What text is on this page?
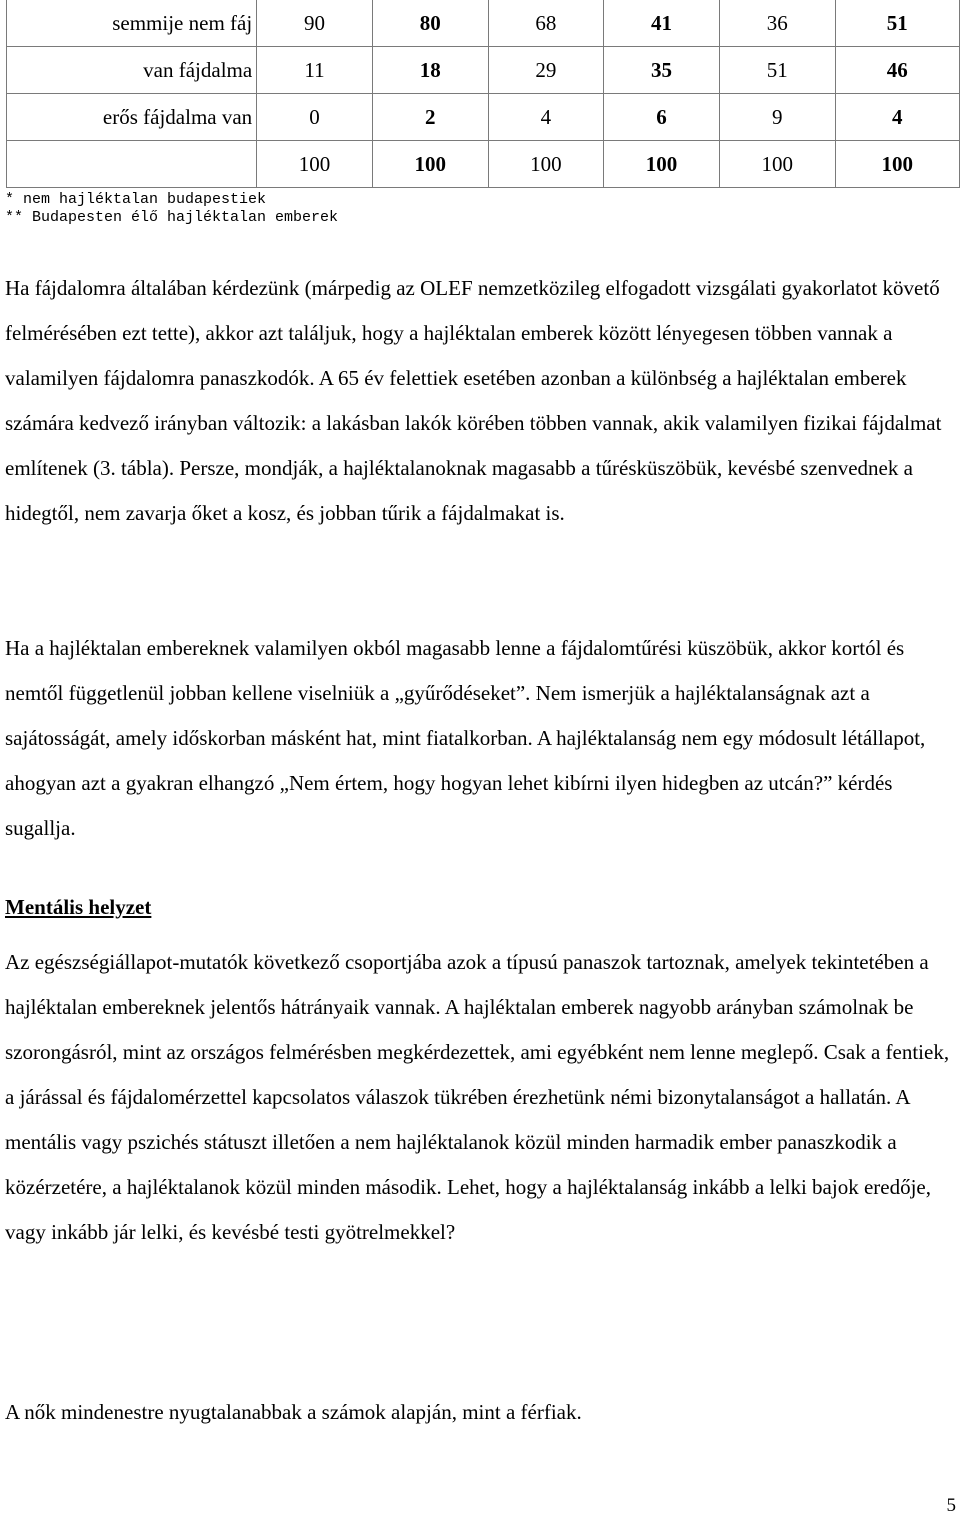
semmije nem fáj	90	80	68	41	36	51
van fájdalma	11	18	29	35	51	46
erős fájdalma van	0	2	4	6	9	4
	100	100	100	100	100	100
* nem hajléktalan budapestiek
** Budapesten élő hajléktalan emberek
Ha fájdalomra általában kérdezünk (márpedig az OLEF nemzetközileg elfogadott vizsgálati gyakorlatot követő felmérésében ezt tette), akkor azt találjuk, hogy a hajléktalan emberek között lényegesen többen vannak a valamilyen fájdalomra panaszkodók. A 65 év felettiek esetében azonban a különbség a hajléktalan emberek számára kedvező irányban változik: a lakásban lakók körében többen vannak, akik valamilyen fizikai fájdalmat említenek (3. tábla). Persze, mondják, a hajléktalanoknak magasabb a tűrésküszöbük, kevésbé szenvednek a hidegtől, nem zavarja őket a kosz, és jobban tűrik a fájdalmakat is.
Ha a hajléktalan embereknek valamilyen okból magasabb lenne a fájdalomtűrési küszöbük, akkor kortól és nemtől függetlenül jobban kellene viselniük a „gyűrődéseket”. Nem ismerjük a hajléktalanságnak azt a sajátosságát, amely időskorban másként hat, mint fiatalkorban. A hajléktalanság nem egy módosult létállapot, ahogyan azt a gyakran elhangzó „Nem értem, hogy hogyan lehet kibírni ilyen hidegben az utcán?” kérdés sugallja.
Mentális helyzet
Az egészségiállapot-mutatók következő csoportjába azok a típusú panaszok tartoznak, amelyek tekintetében a hajléktalan embereknek jelentős hátrányaik vannak. A hajléktalan emberek nagyobb arányban számolnak be szorongásról, mint az országos felmérésben megkérdezettek, ami egyébként nem lenne meglepő. Csak a fentiek, a járással és fájdalomérzettel kapcsolatos válaszok tükrében érezhetünk némi bizonytalanságot a hallatán. A mentális vagy pszichés státuszt illetően a nem hajléktalanok közül minden harmadik ember panaszkodik a közérzetére, a hajléktalanok közül minden második. Lehet, hogy a hajléktalanság inkább a lelki bajok eredője, vagy inkább jár lelki, és kevésbé testi gyötrelmekkel?
A nők mindenestre nyugtalanabbak a számok alapján, mint a férfiak.
5
